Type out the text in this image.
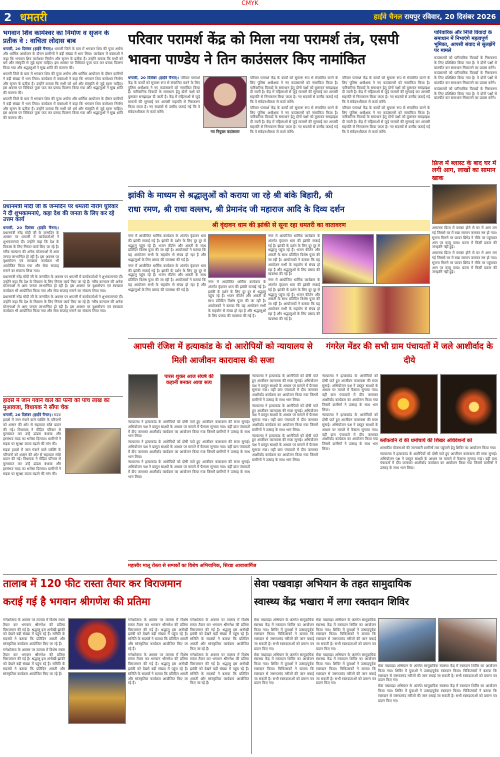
CMYK
2 धमतरी	हाईवे चैनल रायपुर रविवार, 20 दिसंबर 2026
भगवान शिव कामेश्वर का निर्माण व सृजन के प्रतीक वे : वाचिता लोदास बाब

धमतरी, 20 दिसंबर (हाईवे चैनल)। धमतरी जिले के ग्राम में भगवान शिव की पूजा अर्चना और धार्मिक आयोजन के दौरान ग्रामीणों ने बड़ी संख्या में भाग लिया। कार्यक्रम में वक्ताओं ने कहा कि भगवान शिव कामेश्वर निर्माण और सृजन के प्रतीक हैं। उन्होंने बताया कि सभी को धर्म और संस्कृति से जुड़े रहना चाहिए। इस अवसर पर विधिवत पूजा पाठ कर प्रसाद वितरण किया गया और श्रद्धालुओं ने सुख शांति की कामना की।

धमतरी जिले के ग्राम में भगवान शिव की पूजा अर्चना और धार्मिक आयोजन के दौरान ग्रामीणों ने बड़ी संख्या में भाग लिया। कार्यक्रम में वक्ताओं ने कहा कि भगवान शिव कामेश्वर निर्माण और सृजन के प्रतीक हैं। उन्होंने बताया कि सभी को धर्म और संस्कृति से जुड़े रहना चाहिए। इस अवसर पर विधिवत पूजा पाठ कर प्रसाद वितरण किया गया और श्रद्धालुओं ने सुख शांति की कामना की।

धमतरी जिले के ग्राम में भगवान शिव की पूजा अर्चना और धार्मिक आयोजन के दौरान ग्रामीणों ने बड़ी संख्या में भाग लिया। कार्यक्रम में वक्ताओं ने कहा कि भगवान शिव कामेश्वर निर्माण और सृजन के प्रतीक हैं। उन्होंने बताया कि सभी को धर्म और संस्कृति से जुड़े रहना चाहिए। इस अवसर पर विधिवत पूजा पाठ कर प्रसाद वितरण किया गया और श्रद्धालुओं ने सुख शांति की कामना की।

प्रधानमंत्री मोदी जी के जन्मदिन पर धमतरी नीरोग घुरिवार ने दी शुभकामनाएं, कहा देश की जनता के लिए कर रहे उत्तम कार्य

धमतरी, 20 दिसंबर (हाईवे चैनल)। प्रधानमंत्री नरेंद्र मोदी जी के जन्मदिन के अवसर पर धमतरी में कार्यकर्ताओं ने शुभकामनाएं दीं। उन्होंने कहा कि देश के विकास के लिए निरंतर कार्य किए जा रहे हैं। गरीब कल्याण की अनेक योजनाओं से आम जनता लाभान्वित हो रही है। इस अवसर पर वृक्षारोपण एवं स्वच्छता कार्यक्रम भी आयोजित किया गया और सेवा सप्ताह मनाने का संकल्प लिया गया।

प्रधानमंत्री नरेंद्र मोदी जी के जन्मदिन के अवसर पर धमतरी में कार्यकर्ताओं ने शुभकामनाएं दीं। उन्होंने कहा कि देश के विकास के लिए निरंतर कार्य किए जा रहे हैं। गरीब कल्याण की अनेक योजनाओं से आम जनता लाभान्वित हो रही है। इस अवसर पर वृक्षारोपण एवं स्वच्छता कार्यक्रम भी आयोजित किया गया और सेवा सप्ताह मनाने का संकल्प लिया गया।

प्रधानमंत्री नरेंद्र मोदी जी के जन्मदिन के अवसर पर धमतरी में कार्यकर्ताओं ने शुभकामनाएं दीं। उन्होंने कहा कि देश के विकास के लिए निरंतर कार्य किए जा रहे हैं। गरीब कल्याण की अनेक योजनाओं से आम जनता लाभान्वित हो रही है। इस अवसर पर वृक्षारोपण एवं स्वच्छता कार्यक्रम भी आयोजित किया गया और सेवा सप्ताह मनाने का संकल्प लिया गया।

हादसे में जान गंवाने वाले की पत्नी को पांच लाख का मुआवजा, विधायक ने सौंपा चेक

धमतरी, 20 दिसंबर (हाईवे चैनल)। सड़क हादसे में जान गंवाने वाले व्यक्ति के परिजनों को शासन की ओर से सहायता राशि प्रदान की गई। विधायक ने पीड़ित परिवार से मुलाकात कर उन्हें ढांढस बंधाया और हरसंभव मदद का भरोसा दिलाया। ग्रामीणों ने सड़क पर सुरक्षा उपाय बढ़ाने की मांग की।

सड़क हादसे में जान गंवाने वाले व्यक्ति के परिजनों को शासन की ओर से सहायता राशि प्रदान की गई। विधायक ने पीड़ित परिवार से मुलाकात कर उन्हें ढांढस बंधाया और हरसंभव मदद का भरोसा दिलाया। ग्रामीणों ने सड़क पर सुरक्षा उपाय बढ़ाने की मांग की।

परिवार परामर्श केंद्र को मिला नया परामर्श तंत्र, एसपी
भावना पाण्डेय ने तिन काउंसलर किए नामांकित

धमतरी, 20 दिसंबर (हाईवे चैनल)। परिवार परामर्श केंद्र के कार्यों को सुचारू रूप से संचालित करने के लिए पुलिस अधीक्षक ने नए काउंसलरों को नामांकित किया है। पारिवारिक विवादों के समाधान हेतु दोनों पक्षों को बुलाकर समझाइश दी जाती है। केंद्र में महिलाओं से जुड़े मामलों की सुनवाई कर आपसी सहमति से निराकरण किया जाता है। नए सदस्यों से उम्मीद जताई गई कि वे संवेदनशीलता से कार्य करेंगे।

नव नियुक्त काउंसलर

परिवार परामर्श केंद्र के कार्यों को सुचारू रूप से संचालित करने के लिए पुलिस अधीक्षक ने नए काउंसलरों को नामांकित किया है। पारिवारिक विवादों के समाधान हेतु दोनों पक्षों को बुलाकर समझाइश दी जाती है। केंद्र में महिलाओं से जुड़े मामलों की सुनवाई कर आपसी सहमति से निराकरण किया जाता है। नए सदस्यों से उम्मीद जताई गई कि वे संवेदनशीलता से कार्य करेंगे।

परिवार परामर्श केंद्र के कार्यों को सुचारू रूप से संचालित करने के लिए पुलिस अधीक्षक ने नए काउंसलरों को नामांकित किया है। पारिवारिक विवादों के समाधान हेतु दोनों पक्षों को बुलाकर समझाइश दी जाती है। केंद्र में महिलाओं से जुड़े मामलों की सुनवाई कर आपसी सहमति से निराकरण किया जाता है। नए सदस्यों से उम्मीद जताई गई कि वे संवेदनशीलता से कार्य करेंगे।

परिवार परामर्श केंद्र के कार्यों को सुचारू रूप से संचालित करने के लिए पुलिस अधीक्षक ने नए काउंसलरों को नामांकित किया है। पारिवारिक विवादों के समाधान हेतु दोनों पक्षों को बुलाकर समझाइश दी जाती है। केंद्र में महिलाओं से जुड़े मामलों की सुनवाई कर आपसी सहमति से निराकरण किया जाता है। नए सदस्यों से उम्मीद जताई गई कि वे संवेदनशीलता से कार्य करेंगे।

परिवार परामर्श केंद्र के कार्यों को सुचारू रूप से संचालित करने के लिए पुलिस अधीक्षक ने नए काउंसलरों को नामांकित किया है। पारिवारिक विवादों के समाधान हेतु दोनों पक्षों को बुलाकर समझाइश दी जाती है। केंद्र में महिलाओं से जुड़े मामलों की सुनवाई कर आपसी सहमति से निराकरण किया जाता है। नए सदस्यों से उम्मीद जताई गई कि वे संवेदनशीलता से कार्य करेंगे।

पारिवारिक और निजि विवादों के समाधान में निभाएंगे महत्वपूर्ण भूमिका, आपसी संवाद से सुलझेंगे पर मामले

काउंसलरों को पारिवारिक विवादों के निराकरण के लिए प्रशिक्षित किया गया है। वे दोनों पक्षों से बातचीत कर समाधान निकालने का प्रयास करेंगे।

काउंसलरों को पारिवारिक विवादों के निराकरण के लिए प्रशिक्षित किया गया है। वे दोनों पक्षों से बातचीत कर समाधान निकालने का प्रयास करेंगे।

काउंसलरों को पारिवारिक विवादों के निराकरण के लिए प्रशिक्षित किया गया है। वे दोनों पक्षों से बातचीत कर समाधान निकालने का प्रयास करेंगे।

फ्रिज में ब्लास्ट के बाद घर में लगी आग, लाखों का सामान खाक

अचानक फ्रिज में ब्लास्ट होने से घर में आग लग गई जिससे घर में रखा सामान जलकर नष्ट हो गया। सूचना मिलने पर फायर ब्रिगेड ने मौके पर पहुंचकर आग पर काबू पाया। घटना में किसी प्रकार की जनहानि नहीं हुई।

अचानक फ्रिज में ब्लास्ट होने से घर में आग लग गई जिससे घर में रखा सामान जलकर नष्ट हो गया। सूचना मिलने पर फायर ब्रिगेड ने मौके पर पहुंचकर आग पर काबू पाया। घटना में किसी प्रकार की जनहानि नहीं हुई।

झांकी के माध्यम से श्रद्धालुओं को कराया जा रहे श्री बांके बिहारी, श्री
राधा रमण, श्री राधा वल्लभ, श्री प्रेमानंद जी महाराज आदि के दिव्य दर्शन
श्री वृंदावन धाम की झांकी से सूना रहा धमतरी का वातावरण

नगर में आयोजित धार्मिक कार्यक्रम के अंतर्गत वृंदावन धाम की झांकी सजाई गई है। झांकी के दर्शन के लिए दूर दूर से श्रद्धालु पहुंच रहे हैं। भजन कीर्तन और आरती के साथ प्रतिदिन विशेष पूजा की जा रही है। आयोजकों ने बताया कि यह आयोजन सभी के सहयोग से संपन्न हो रहा है और श्रद्धालुओं के लिए प्रसाद की व्यवस्था की गई है।

नगर में आयोजित धार्मिक कार्यक्रम के अंतर्गत वृंदावन धाम की झांकी सजाई गई है। झांकी के दर्शन के लिए दूर दूर से श्रद्धालु पहुंच रहे हैं। भजन कीर्तन और आरती के साथ प्रतिदिन विशेष पूजा की जा रही है। आयोजकों ने बताया कि यह आयोजन सभी के सहयोग से संपन्न हो रहा है और श्रद्धालुओं के लिए प्रसाद की व्यवस्था की गई है।

नगर में आयोजित धार्मिक कार्यक्रम के अंतर्गत वृंदावन धाम की झांकी सजाई गई है। झांकी के दर्शन के लिए दूर दूर से श्रद्धालु पहुंच रहे हैं। भजन कीर्तन और आरती के साथ प्रतिदिन विशेष पूजा की जा रही है। आयोजकों ने बताया कि यह आयोजन सभी के सहयोग से संपन्न हो रहा है और श्रद्धालुओं के लिए प्रसाद की व्यवस्था की गई है।

नगर में आयोजित धार्मिक कार्यक्रम के अंतर्गत वृंदावन धाम की झांकी सजाई गई है। झांकी के दर्शन के लिए दूर दूर से श्रद्धालु पहुंच रहे हैं। भजन कीर्तन और आरती के साथ प्रतिदिन विशेष पूजा की जा रही है। आयोजकों ने बताया कि यह आयोजन सभी के सहयोग से संपन्न हो रहा है और श्रद्धालुओं के लिए प्रसाद की व्यवस्था की गई है।

नगर में आयोजित धार्मिक कार्यक्रम के अंतर्गत वृंदावन धाम की झांकी सजाई गई है। झांकी के दर्शन के लिए दूर दूर से श्रद्धालु पहुंच रहे हैं। भजन कीर्तन और आरती के साथ प्रतिदिन विशेष पूजा की जा रही है। आयोजकों ने बताया कि यह आयोजन सभी के सहयोग से संपन्न हो रहा है और श्रद्धालुओं के लिए प्रसाद की व्यवस्था की गई है।

आपसी रंजिश में हत्याकांड के दो आरोपियों को न्यायालय से मिली आजीवन कारावास की सजा
गंगरेल मेंडर की सभी ग्राम पंचायतों में जले आशीर्वाद के दीये
पारस शुक्ल आज संघर्ष की कहानी बनकर आया सत्य

न्यायालय ने हत्याकांड के आरोपियों को दोषी पाते हुए आजीवन कारावास की सजा सुनाई। अभियोजन पक्ष ने प्रस्तुत साक्ष्यों के आधार पर मामले में फैसला सुनाया गया। वहीं ग्राम पंचायतों में दीप जलाकर आशीर्वाद कार्यक्रम का आयोजन किया गया जिसमें ग्रामीणों ने उत्साह के साथ भाग लिया।

न्यायालय ने हत्याकांड के आरोपियों को दोषी पाते हुए आजीवन कारावास की सजा सुनाई। अभियोजन पक्ष ने प्रस्तुत साक्ष्यों के आधार पर मामले में फैसला सुनाया गया। वहीं ग्राम पंचायतों में दीप जलाकर आशीर्वाद कार्यक्रम का आयोजन किया गया जिसमें ग्रामीणों ने उत्साह के साथ भाग लिया।

न्यायालय ने हत्याकांड के आरोपियों को दोषी पाते हुए आजीवन कारावास की सजा सुनाई। अभियोजन पक्ष ने प्रस्तुत साक्ष्यों के आधार पर मामले में फैसला सुनाया गया। वहीं ग्राम पंचायतों में दीप जलाकर आशीर्वाद कार्यक्रम का आयोजन किया गया जिसमें ग्रामीणों ने उत्साह के साथ भाग लिया।

न्यायालय ने हत्याकांड के आरोपियों को दोषी पाते हुए आजीवन कारावास की सजा सुनाई। अभियोजन पक्ष ने प्रस्तुत साक्ष्यों के आधार पर मामले में फैसला सुनाया गया। वहीं ग्राम पंचायतों में दीप जलाकर आशीर्वाद कार्यक्रम का आयोजन किया गया जिसमें ग्रामीणों ने उत्साह के साथ भाग लिया।

न्यायालय ने हत्याकांड के आरोपियों को दोषी पाते हुए आजीवन कारावास की सजा सुनाई। अभियोजन पक्ष ने प्रस्तुत साक्ष्यों के आधार पर मामले में फैसला सुनाया गया। वहीं ग्राम पंचायतों में दीप जलाकर आशीर्वाद कार्यक्रम का आयोजन किया गया जिसमें ग्रामीणों ने उत्साह के साथ भाग लिया।

न्यायालय ने हत्याकांड के आरोपियों को दोषी पाते हुए आजीवन कारावास की सजा सुनाई। अभियोजन पक्ष ने प्रस्तुत साक्ष्यों के आधार पर मामले में फैसला सुनाया गया। वहीं ग्राम पंचायतों में दीप जलाकर आशीर्वाद कार्यक्रम का आयोजन किया गया जिसमें ग्रामीणों ने उत्साह के साथ भाग लिया।

न्यायालय ने हत्याकांड के आरोपियों को दोषी पाते हुए आजीवन कारावास की सजा सुनाई। अभियोजन पक्ष ने प्रस्तुत साक्ष्यों के आधार पर मामले में फैसला सुनाया गया। वहीं ग्राम पंचायतों में दीप जलाकर आशीर्वाद कार्यक्रम का आयोजन किया गया जिसमें ग्रामीणों ने उत्साह के साथ भाग लिया।

न्यायालय ने हत्याकांड के आरोपियों को दोषी पाते हुए आजीवन कारावास की सजा सुनाई। अभियोजन पक्ष ने प्रस्तुत साक्ष्यों के आधार पर मामले में फैसला सुनाया गया। वहीं ग्राम पंचायतों में दीप जलाकर आशीर्वाद कार्यक्रम का आयोजन किया गया जिसमें ग्रामीणों ने उत्साह के साथ भाग लिया।

ब्लॉकवनि रो की धर्माचार्य की शिखर अधिवेशनों को

शासकीय योजनाओं की जानकारी ग्रामीणों तक पहुंचाने हेतु शिविर का आयोजन किया गया।

न्यायालय ने हत्याकांड के आरोपियों को दोषी पाते हुए आजीवन कारावास की सजा सुनाई। अभियोजन पक्ष ने प्रस्तुत साक्ष्यों के आधार पर मामले में फैसला सुनाया गया। वहीं ग्राम पंचायतों में दीप जलाकर आशीर्वाद कार्यक्रम का आयोजन किया गया जिसमें ग्रामीणों ने उत्साह के साथ भाग लिया।

महासीर मालू रोस्ता से सम्पर्कों का विशेष अभियानिक, सिरडा आवाजार्मिज
तालाब में 120 फीट रास्ता तैयार कर विराजमान
कराई गई है भगवान श्रीगणेश की प्रतिमा

गणेशोत्सव के अवसर पर तालाब में विशेष रास्ता तैयार कर भगवान श्रीगणेश की प्रतिमा विराजमान की गई है। श्रद्धालु इस अनोखी झांकी को देखने बड़ी संख्या में पहुंच रहे हैं। समिति के सदस्यों ने बताया कि प्रतिदिन आरती और सांस्कृतिक कार्यक्रम आयोजित किए जा रहे हैं।

गणेशोत्सव के अवसर पर तालाब में विशेष रास्ता तैयार कर भगवान श्रीगणेश की प्रतिमा विराजमान की गई है। श्रद्धालु इस अनोखी झांकी को देखने बड़ी संख्या में पहुंच रहे हैं। समिति के सदस्यों ने बताया कि प्रतिदिन आरती और सांस्कृतिक कार्यक्रम आयोजित किए जा रहे हैं।

गणेशोत्सव के अवसर पर तालाब में विशेष रास्ता तैयार कर भगवान श्रीगणेश की प्रतिमा विराजमान की गई है। श्रद्धालु इस अनोखी झांकी को देखने बड़ी संख्या में पहुंच रहे हैं। समिति के सदस्यों ने बताया कि प्रतिदिन आरती और सांस्कृतिक कार्यक्रम आयोजित किए जा रहे हैं।

गणेशोत्सव के अवसर पर तालाब में विशेष रास्ता तैयार कर भगवान श्रीगणेश की प्रतिमा विराजमान की गई है। श्रद्धालु इस अनोखी झांकी को देखने बड़ी संख्या में पहुंच रहे हैं। समिति के सदस्यों ने बताया कि प्रतिदिन आरती और सांस्कृतिक कार्यक्रम आयोजित किए जा रहे हैं।

गणेशोत्सव के अवसर पर तालाब में विशेष रास्ता तैयार कर भगवान श्रीगणेश की प्रतिमा विराजमान की गई है। श्रद्धालु इस अनोखी झांकी को देखने बड़ी संख्या में पहुंच रहे हैं। समिति के सदस्यों ने बताया कि प्रतिदिन आरती और सांस्कृतिक कार्यक्रम आयोजित किए जा रहे हैं।

गणेशोत्सव के अवसर पर तालाब में विशेष रास्ता तैयार कर भगवान श्रीगणेश की प्रतिमा विराजमान की गई है। श्रद्धालु इस अनोखी झांकी को देखने बड़ी संख्या में पहुंच रहे हैं। समिति के सदस्यों ने बताया कि प्रतिदिन आरती और सांस्कृतिक कार्यक्रम आयोजित किए जा रहे हैं।

सेवा पखवाड़ा अभियान के तहत सामुदायिक
स्वास्थ्य केंद्र भखारा में लगा रक्तदान शिविर

सेवा पखवाड़ा अभियान के अंतर्गत सामुदायिक स्वास्थ्य केंद्र में रक्तदान शिविर का आयोजन किया गया। शिविर में युवाओं ने उत्साहपूर्वक रक्तदान किया। चिकित्सकों ने बताया कि रक्तदान से जरूरतमंद मरीजों की जान बचाई जा सकती है। सभी रक्तदाताओं को प्रमाण पत्र प्रदान किए गए।

सेवा पखवाड़ा अभियान के अंतर्गत सामुदायिक स्वास्थ्य केंद्र में रक्तदान शिविर का आयोजन किया गया। शिविर में युवाओं ने उत्साहपूर्वक रक्तदान किया। चिकित्सकों ने बताया कि रक्तदान से जरूरतमंद मरीजों की जान बचाई जा सकती है। सभी रक्तदाताओं को प्रमाण पत्र प्रदान किए गए।

सेवा पखवाड़ा अभियान के अंतर्गत सामुदायिक स्वास्थ्य केंद्र में रक्तदान शिविर का आयोजन किया गया। शिविर में युवाओं ने उत्साहपूर्वक रक्तदान किया। चिकित्सकों ने बताया कि रक्तदान से जरूरतमंद मरीजों की जान बचाई जा सकती है। सभी रक्तदाताओं को प्रमाण पत्र प्रदान किए गए।

सेवा पखवाड़ा अभियान के अंतर्गत सामुदायिक स्वास्थ्य केंद्र में रक्तदान शिविर का आयोजन किया गया। शिविर में युवाओं ने उत्साहपूर्वक रक्तदान किया। चिकित्सकों ने बताया कि रक्तदान से जरूरतमंद मरीजों की जान बचाई जा सकती है। सभी रक्तदाताओं को प्रमाण पत्र प्रदान किए गए।

सेवा पखवाड़ा अभियान के अंतर्गत सामुदायिक स्वास्थ्य केंद्र में रक्तदान शिविर का आयोजन किया गया। शिविर में युवाओं ने उत्साहपूर्वक रक्तदान किया। चिकित्सकों ने बताया कि रक्तदान से जरूरतमंद मरीजों की जान बचाई जा सकती है। सभी रक्तदाताओं को प्रमाण पत्र प्रदान किए गए।

सेवा पखवाड़ा अभियान के अंतर्गत सामुदायिक स्वास्थ्य केंद्र में रक्तदान शिविर का आयोजन किया गया। शिविर में युवाओं ने उत्साहपूर्वक रक्तदान किया। चिकित्सकों ने बताया कि रक्तदान से जरूरतमंद मरीजों की जान बचाई जा सकती है। सभी रक्तदाताओं को प्रमाण पत्र प्रदान किए गए।
